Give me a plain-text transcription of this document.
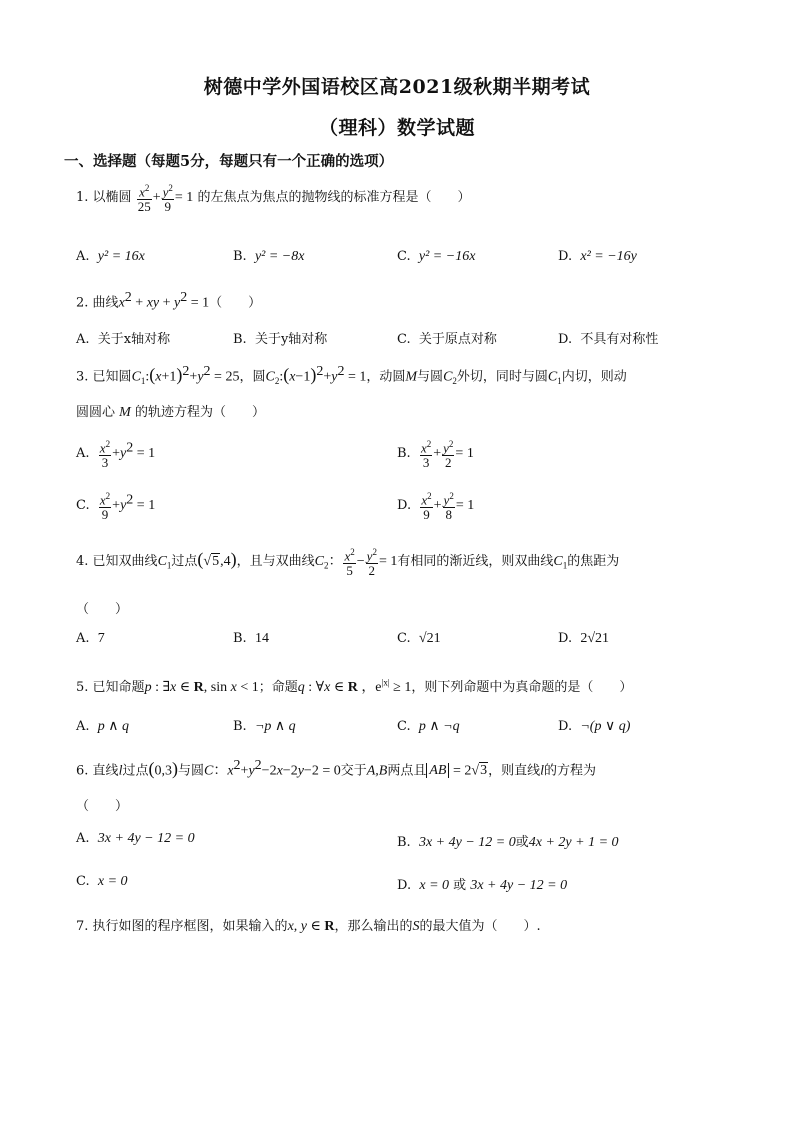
树德中学外国语校区高2021级秋期半期考试
（理科）数学试题
一、选择题（每题5分，每题只有一个正确的选项）
1. 以椭圆 $\frac{x^2}{25} + \frac{y^2}{9} = 1$ 的左焦点为焦点的抛物线的标准方程是（　　）
A. y² = 16x	B. y² = −8x	C. y² = −16x	D. x² = −16y
2. 曲线$x^2$ + xy + $y^2 = 1$（　　）
A. 关于x轴对称	B. 关于y轴对称	C. 关于原点对称	D. 不具有对称性
3. 已知圆$C_1:(x+1)^2+y^2 = 25$，圆$C_2:(x-1)^2+y^2 = 1$，动圆M与圆$C_2$外切，同时与圆$C_1$内切，则动
圆圆心 M 的轨迹方程为（　　）
A. $\frac{x^2}{3} +y^2 = 1$	B. $\frac{x^2}{3} + \frac{y^2}{2} = 1$
C. $\frac{x^2}{9} +y^2 = 1$	D. $\frac{x^2}{9} + \frac{y^2}{8} = 1$
4. 已知双曲线$C_1$过点(√5,4)，且与双曲线$C_2$： $\frac{x^2}{5} - \frac{y^2}{2} = 1$有相同的渐近线，则双曲线$C_1$的焦距为
（　　）
A. 7	B. 14	C. √21	D. 2√21
5. 已知命题p : ∃x ∈ R, sin x < 1；命题q : ∀x ∈ R ，$e^{|x|} \ge 1$，则下列命题中为真命题的是（　　）
A. p ∧ q	B. ¬p ∧ q	C. p ∧ ¬q	D. ¬(p ∨ q)
6. 直线l过点(0,3)与圆C：$x^2+y^2-2x-2y-2 = 0$交于A,B两点且 AB = 2√3，则直线l的方程为
（　　）
A. 3x + 4y − 12 = 0	B. 3x + 4y − 12 = 0或4x + 2y + 1 = 0
C. x = 0	D. x = 0 或 3x + 4y − 12 = 0
7. 执行如图的程序框图，如果输入的x, y ∈ R，那么输出的S的最大值为（　　）.
